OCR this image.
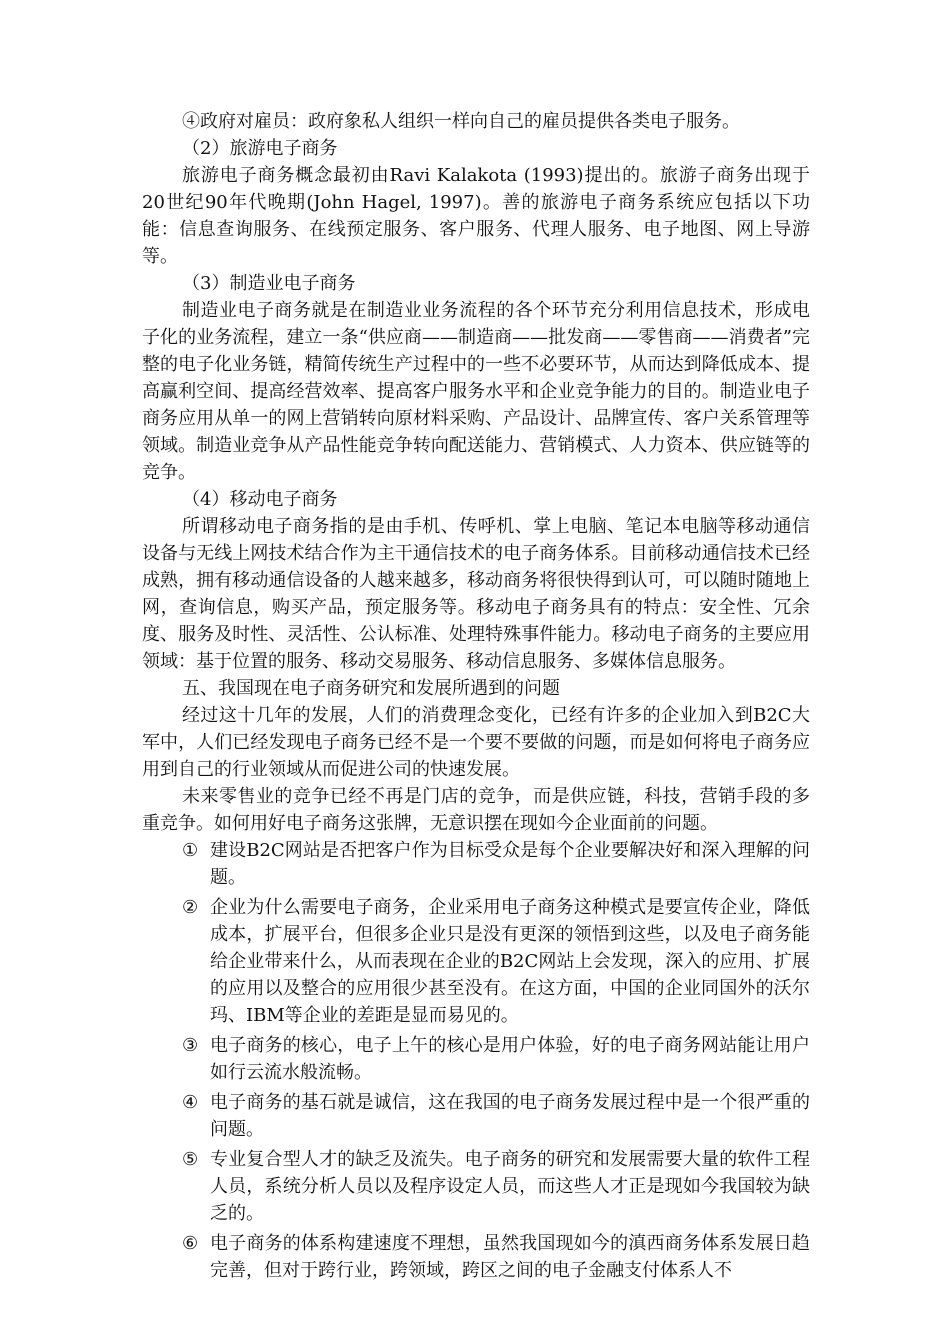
④政府对雇员：政府象私人组织一样向自己的雇员提供各类电子服务。

（2）旅游电子商务

旅游电子商务概念最初由Ravi Kalakota (1993)提出的。旅游子商务出现于20世纪90年代晚期(John Hagel, 1997)。善的旅游电子商务系统应包括以下功能：信息查询服务、在线预定服务、客户服务、代理人服务、电子地图、网上导游等。

（3）制造业电子商务

制造业电子商务就是在制造业业务流程的各个环节充分利用信息技术，形成电子化的业务流程，建立一条“供应商——制造商——批发商——零售商——消费者”完整的电子化业务链，精简传统生产过程中的一些不必要环节，从而达到降低成本、提高赢利空间、提高经营效率、提高客户服务水平和企业竞争能力的目的。制造业电子商务应用从单一的网上营销转向原材料采购、产品设计、品牌宣传、客户关系管理等领域。制造业竞争从产品性能竞争转向配送能力、营销模式、人力资本、供应链等的竞争。

（4）移动电子商务

所谓移动电子商务指的是由手机、传呼机、掌上电脑、笔记本电脑等移动通信设备与无线上网技术结合作为主干通信技术的电子商务体系。目前移动通信技术已经成熟，拥有移动通信设备的人越来越多，移动商务将很快得到认可，可以随时随地上网，查询信息，购买产品，预定服务等。移动电子商务具有的特点：安全性、冗余度、服务及时性、灵活性、公认标准、处理特殊事件能力。移动电子商务的主要应用领域：基于位置的服务、移动交易服务、移动信息服务、多媒体信息服务。

五、我国现在电子商务研究和发展所遇到的问题

经过这十几年的发展，人们的消费理念变化，已经有许多的企业加入到B2C大军中，人们已经发现电子商务已经不是一个要不要做的问题，而是如何将电子商务应用到自己的行业领域从而促进公司的快速发展。

未来零售业的竞争已经不再是门店的竞争，而是供应链，科技，营销手段的多重竞争。如何用好电子商务这张牌，无意识摆在现如今企业面前的问题。

① 建设B2C网站是否把客户作为目标受众是每个企业要解决好和深入理解的问题。
② 企业为什么需要电子商务，企业采用电子商务这种模式是要宣传企业，降低成本，扩展平台，但很多企业只是没有更深的领悟到这些，以及电子商务能给企业带来什么，从而表现在企业的B2C网站上会发现，深入的应用、扩展的应用以及整合的应用很少甚至没有。在这方面，中国的企业同国外的沃尔玛、IBM等企业的差距是显而易见的。
③ 电子商务的核心，电子上午的核心是用户体验，好的电子商务网站能让用户如行云流水般流畅。
④ 电子商务的基石就是诚信，这在我国的电子商务发展过程中是一个很严重的问题。
⑤ 专业复合型人才的缺乏及流失。电子商务的研究和发展需要大量的软件工程人员，系统分析人员以及程序设定人员，而这些人才正是现如今我国较为缺乏的。
⑥ 电子商务的体系构建速度不理想，虽然我国现如今的滇西商务体系发展日趋完善，但对于跨行业，跨领域，跨区之间的电子金融支付体系人不
